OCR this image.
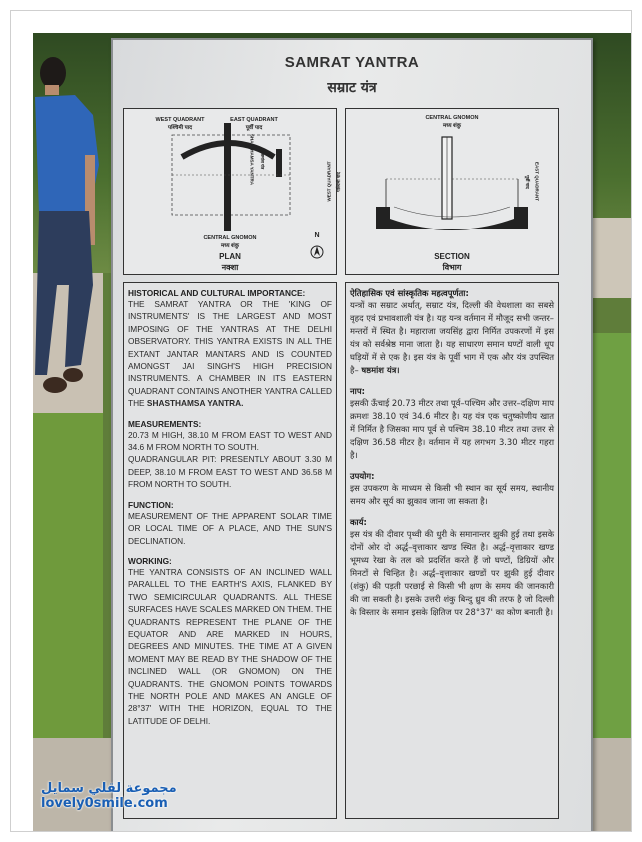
SAMRAT YANTRA
सम्राट यंत्र
WEST QUADRANT
पश्चिमी पाद
EAST QUADRANT
पूर्वी पाद
CENTRAL GNOMON
मध्य शंकु
SHASTHAMSA YANTRA षष्ठमांश यंत्र
N
PLAN
नक्शा
CENTRAL GNOMON
मध्य शंकु
WEST QUADRANT पश्चिमी पाद	EAST QUADRANT
पूर्वी पाद
SECTION
विभाग

HISTORICAL AND CULTURAL IMPORTANCE:

THE SAMRAT YANTRA OR THE 'KING OF INSTRUMENTS' IS THE LARGEST AND MOST IMPOSING OF THE YANTRAS AT THE DELHI OBSERVATORY. THIS YANTRA EXISTS IN ALL THE EXTANT JANTAR MANTARS AND IS COUNTED AMONGST JAI SINGH'S HIGH PRECISION INSTRUMENTS. A CHAMBER IN ITS EASTERN QUADRANT CONTAINS ANOTHER YANTRA CALLED THE SHASTHAMSA YANTRA.

MEASUREMENTS:

20.73 M HIGH, 38.10 M FROM EAST TO WEST AND 34.6 M FROM NORTH TO SOUTH.

QUADRANGULAR PIT: PRESENTLY ABOUT 3.30 M DEEP, 38.10 M FROM EAST TO WEST AND 36.58 M FROM NORTH TO SOUTH.

FUNCTION:

MEASUREMENT OF THE APPARENT SOLAR TIME OR LOCAL TIME OF A PLACE, AND THE SUN'S DECLINATION.

WORKING:

THE YANTRA CONSISTS OF AN INCLINED WALL PARALLEL TO THE EARTH'S AXIS, FLANKED BY TWO SEMICIRCULAR QUADRANTS. ALL THESE SURFACES HAVE SCALES MARKED ON THEM. THE QUADRANTS REPRESENT THE PLANE OF THE EQUATOR AND ARE MARKED IN HOURS, DEGREES AND MINUTES. THE TIME AT A GIVEN MOMENT MAY BE READ BY THE SHADOW OF THE INCLINED WALL (OR GNOMON) ON THE QUADRANTS. THE GNOMON POINTS TOWARDS THE NORTH POLE AND MAKES AN ANGLE OF 28°37' WITH THE HORIZON, EQUAL TO THE LATITUDE OF DELHI.

ऐतिहासिक एवं सांस्कृतिक महत्वपूर्णता:

यन्त्रों का सम्राट अर्थात्, सम्राट यंत्र, दिल्ली की वेधशाला का सबसे वृहद एवं प्रभावशाली यंत्र है। यह यन्त्र वर्तमान में मौजूद सभी जन्तर–मन्तरों में स्थित है। महाराजा जयसिंह द्वारा निर्मित उपकरणों में इस यंत्र को सर्वश्रेष्ठ माना जाता है। यह साधारण समान घण्टों वाली धूप घड़ियों में से एक है। इस यंत्र के पूर्वी भाग में एक और यंत्र उपस्थित है– षष्ठमांश यंत्र।

नाप:

इसकी ऊँचाई 20.73 मीटर तथा पूर्व–पश्चिम और उत्तर–दक्षिण माप क्रमशः 38.10 एवं 34.6 मीटर है। यह यंत्र एक चतुष्कोणीय खात में निर्मित है जिसका माप पूर्व से पश्चिम 38.10 मीटर तथा उत्तर से दक्षिण 36.58 मीटर है। वर्तमान में यह लगभग 3.30 मीटर गहरा है।

उपयोग:

इस उपकरण के माध्यम से किसी भी स्थान का सूर्य समय, स्थानीय समय और सूर्य का झुकाव जाना जा सकता है।

कार्य:

इस यंत्र की दीवार पृथ्वी की धुरी के समानान्तर झुकी हुई तथा इसके दोनों ओर दो अर्द्ध–वृत्ताकार खण्ड स्थित है। अर्द्ध–वृत्ताकार खण्ड भूमध्य रेखा के तल को प्रदर्शित करते हैं जो घण्टों, डिग्रियों और मिनटों से चिन्हित है। अर्द्ध–वृत्ताकार खण्डों पर झुकी हुई दीवार (शंकु) की पड़ती परछाई से किसी भी क्षण के समय की जानकारी की जा सकती है। इसके उत्तरी शंकु बिन्दु ध्रुव की तरफ है जो दिल्ली के विस्तार के समान इसके क्षितिज पर 28°37' का कोण बनाती है।

مجموعة لقلي سمايل
lovely0smile.com
